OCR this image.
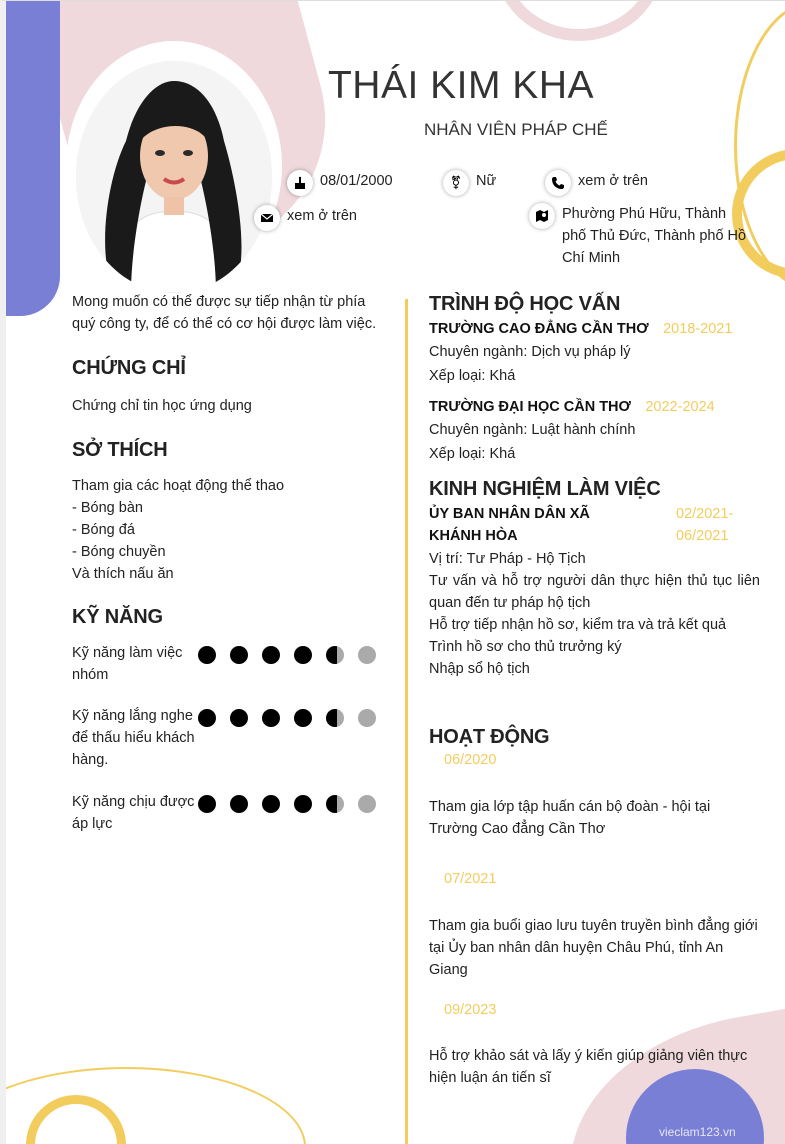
THÁI KIM KHA
NHÂN VIÊN PHÁP CHẾ
08/01/2000	⚧	Nữ	xem ở trên
xem ở trên	Phường Phú Hữu, Thành phố Thủ Đức, Thành phố Hồ Chí Minh
Mong muốn có thể được sự tiếp nhận từ phía quý công ty, để có thể có cơ hội được làm việc.
CHỨNG CHỈ
Chứng chỉ tin học ứng dụng
SỞ THÍCH
Tham gia các hoạt động thể thao
- Bóng bàn
- Bóng đá
- Bóng chuyền
Và thích nấu ăn
KỸ NĂNG
Kỹ năng làm việc nhóm
Kỹ năng lắng nghe để thấu hiểu khách hàng.
Kỹ năng chịu được áp lực
TRÌNH ĐỘ HỌC VẤN
TRƯỜNG CAO ĐẲNG CẦN THƠ 2018-2021
Chuyên ngành: Dịch vụ pháp lý
Xếp loại: Khá
TRƯỜNG ĐẠI HỌC CẦN THƠ 2022-2024
Chuyên ngành: Luật hành chính
Xếp loại: Khá
KINH NGHIỆM LÀM VIỆC
ỦY BAN NHÂN DÂN XÃ KHÁNH HÒA
02/2021- 06/2021
Vị trí: Tư Pháp - Hộ Tịch
Tư vấn và hỗ trợ người dân thực hiện thủ tục liên quan đến tư pháp hộ tịch
Hỗ trợ tiếp nhận hồ sơ, kiểm tra và trả kết quả
Trình hồ sơ cho thủ trưởng ký
Nhập sổ hộ tịch
HOẠT ĐỘNG
06/2020
Tham gia lớp tập huấn cán bộ đoàn - hội tại Trường Cao đẳng Cần Thơ
07/2021
Tham gia buổi giao lưu tuyên truyền bình đẳng giới tại Ủy ban nhân dân huyện Châu Phú, tỉnh An Giang
09/2023
Hỗ trợ khảo sát và lấy ý kiến giúp giảng viên thực hiện luận án tiến sĩ
vieclam123.vn
